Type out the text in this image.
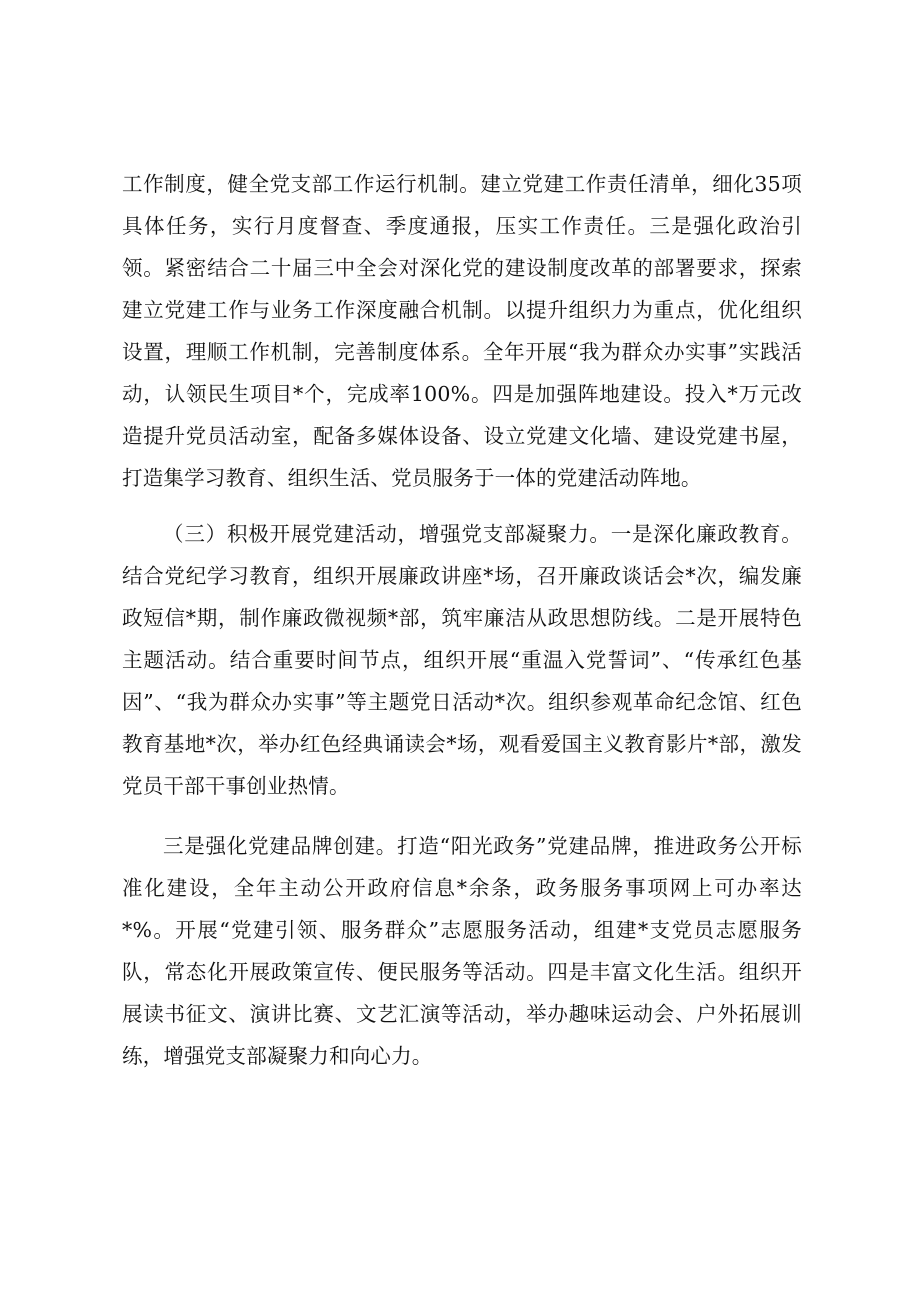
工作制度，健全党支部工作运行机制。建立党建工作责任清单，细化35项具体任务，实行月度督查、季度通报，压实工作责任。三是强化政治引领。紧密结合二十届三中全会对深化党的建设制度改革的部署要求，探索建立党建工作与业务工作深度融合机制。以提升组织力为重点，优化组织设置，理顺工作机制，完善制度体系。全年开展“我为群众办实事”实践活动，认领民生项目*个，完成率100%。四是加强阵地建设。投入*万元改造提升党员活动室，配备多媒体设备、设立党建文化墙、建设党建书屋，打造集学习教育、组织生活、党员服务于一体的党建活动阵地。

（三）积极开展党建活动，增强党支部凝聚力。一是深化廉政教育。结合党纪学习教育，组织开展廉政讲座*场，召开廉政谈话会*次，编发廉政短信*期，制作廉政微视频*部，筑牢廉洁从政思想防线。二是开展特色主题活动。结合重要时间节点，组织开展“重温入党誓词”、“传承红色基因”、“我为群众办实事”等主题党日活动*次。组织参观革命纪念馆、红色教育基地*次，举办红色经典诵读会*场，观看爱国主义教育影片*部，激发党员干部干事创业热情。

三是强化党建品牌创建。打造“阳光政务”党建品牌，推进政务公开标准化建设，全年主动公开政府信息*余条，政务服务事项网上可办率达*%。开展“党建引领、服务群众”志愿服务活动，组建*支党员志愿服务队，常态化开展政策宣传、便民服务等活动。四是丰富文化生活。组织开展读书征文、演讲比赛、文艺汇演等活动，举办趣味运动会、户外拓展训练，增强党支部凝聚力和向心力。
